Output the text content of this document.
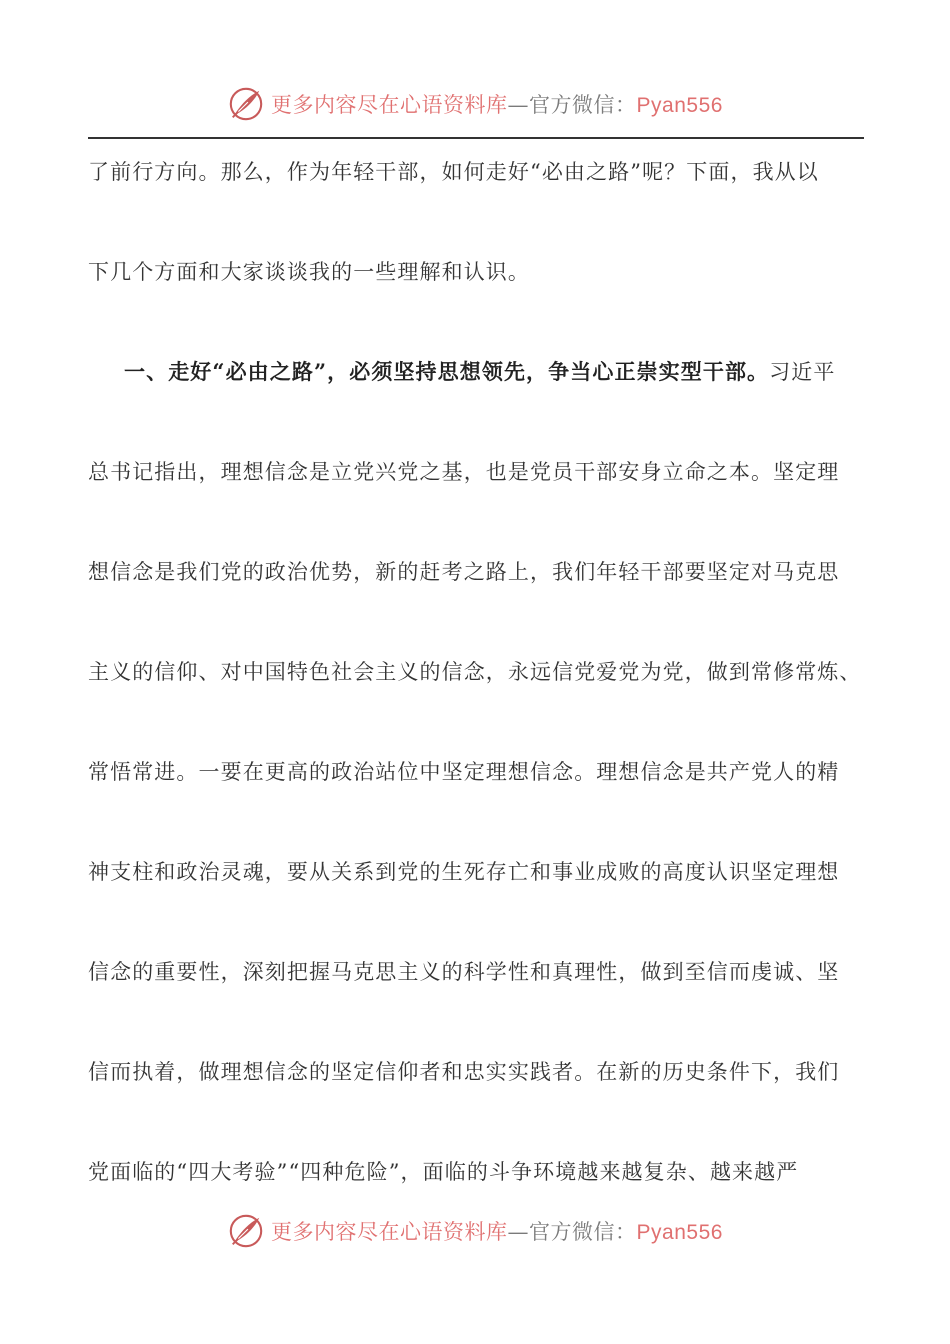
更多内容尽在心语资料库—官方微信：Pyan556
了前行方向。那么，作为年轻干部，如何走好“必由之路”呢？下面，我从以
下几个方面和大家谈谈我的一些理解和认识。
一、走好“必由之路”，必须坚持思想领先，争当心正崇实型干部。习近平
总书记指出，理想信念是立党兴党之基，也是党员干部安身立命之本。坚定理
想信念是我们党的政治优势，新的赶考之路上，我们年轻干部要坚定对马克思
主义的信仰、对中国特色社会主义的信念，永远信党爱党为党，做到常修常炼、
常悟常进。一要在更高的政治站位中坚定理想信念。理想信念是共产党人的精
神支柱和政治灵魂，要从关系到党的生死存亡和事业成败的高度认识坚定理想
信念的重要性，深刻把握马克思主义的科学性和真理性，做到至信而虔诚、坚
信而执着，做理想信念的坚定信仰者和忠实实践者。在新的历史条件下，我们
党面临的“四大考验”“四种危险”，面临的斗争环境越来越复杂、越来越严
更多内容尽在心语资料库—官方微信：Pyan556
